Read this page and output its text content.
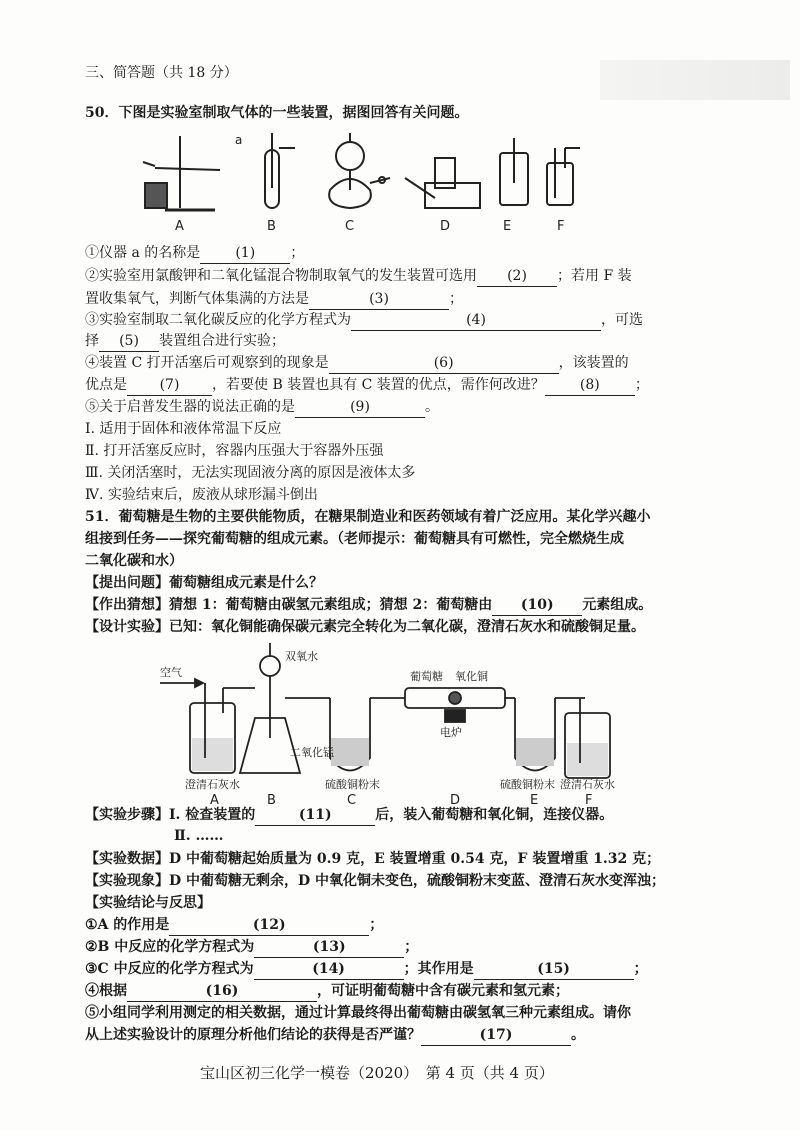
三、简答题（共 18 分）
50．下图是实验室制取气体的一些装置，据图回答有关问题。
a
A	B	C	D	E	F
①仪器 a 的名称是	(1)	；
②实验室用氯酸钾和二氧化锰混合物制取氧气的发生装置可选用 (2) ；若用 F 装
置收集氧气，判断气体集满的方法是	(3)	；
③实验室制取二氧化碳反应的化学方程式为	(4)	，可选
择 (5) 装置组合进行实验；
④装置 C 打开活塞后可观察到的现象是	(6)	，该装置的
优点是 (7) ，若要使 B 装置也具有 C 装置的优点，需作何改进？	(8)	；
⑤关于启普发生器的说法正确的是	(9)	。
Ⅰ. 适用于固体和液体常温下反应
Ⅱ. 打开活塞反应时，容器内压强大于容器外压强
Ⅲ. 关闭活塞时，无法实现固液分离的原因是液体太多
Ⅳ. 实验结束后，废液从球形漏斗倒出
51．葡萄糖是生物的主要供能物质，在糖果制造业和医药领域有着广泛应用。某化学兴趣小
组接到任务——探究葡萄糖的组成元素。（老师提示：葡萄糖具有可燃性，完全燃烧生成
二氧化碳和水）
【提出问题】葡萄糖组成元素是什么？
【作出猜想】猜想 1：葡萄糖由碳氢元素组成；猜想 2：葡萄糖由 (10) 元素组成。
【设计实验】已知：氧化铜能确保碳元素完全转化为二氧化碳，澄清石灰水和硫酸铜足量。
空气
双氧水
二氧化锰
葡萄糖 氧化铜
电炉
澄清石灰水	硫酸铜粉末	硫酸铜粉末 澄清石灰水
A	B	C	D	E	F
【实验步骤】Ⅰ. 检查装置的	(11)	后，装入葡萄糖和氧化铜，连接仪器。
Ⅱ. ……
【实验数据】D 中葡萄糖起始质量为 0.9 克，E 装置增重 0.54 克，F 装置增重 1.32 克；
【实验现象】D 中葡萄糖无剩余，D 中氧化铜未变色，硫酸铜粉末变蓝、澄清石灰水变浑浊；
【实验结论与反思】
①A 的作用是	(12)	；
②B 中反应的化学方程式为	(13)	；
③C 中反应的化学方程式为	(14)	；其作用是	(15)	；
④根据	(16)	，可证明葡萄糖中含有碳元素和氢元素；
⑤小组同学利用测定的相关数据，通过计算最终得出葡萄糖由碳氢氧三种元素组成。请你
从上述实验设计的原理分析他们结论的获得是否严谨？	(17)	。
宝山区初三化学一模卷（2020）　第 4 页（共 4 页）
